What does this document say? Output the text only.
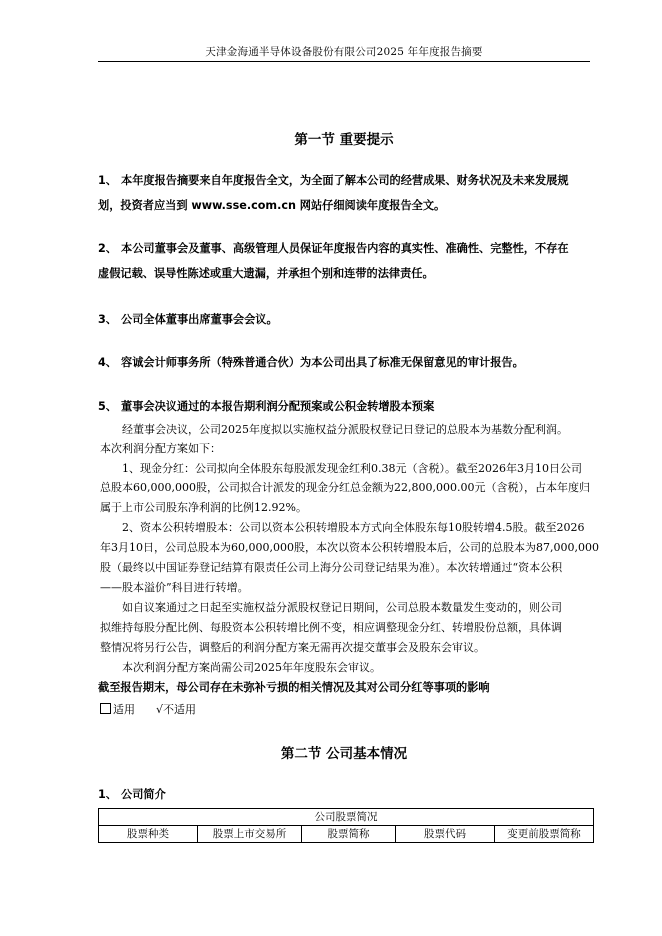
天津金海通半导体设备股份有限公司2025 年年度报告摘要
第一节 重要提示
1、 本年度报告摘要来自年度报告全文，为全面了解本公司的经营成果、财务状况及未来发展规
划，投资者应当到 www.sse.com.cn 网站仔细阅读年度报告全文。
2、 本公司董事会及董事、高级管理人员保证年度报告内容的真实性、准确性、完整性，不存在
虚假记载、误导性陈述或重大遗漏，并承担个别和连带的法律责任。
3、 公司全体董事出席董事会会议。
4、 容诚会计师事务所（特殊普通合伙）为本公司出具了标准无保留意见的审计报告。
5、 董事会决议通过的本报告期利润分配预案或公积金转增股本预案
经董事会决议，公司2025年度拟以实施权益分派股权登记日登记的总股本为基数分配利润。
本次利润分配方案如下：
1、现金分红：公司拟向全体股东每股派发现金红利0.38元（含税）。截至2026年3月10日公司
总股本60,000,000股，公司拟合计派发的现金分红总金额为22,800,000.00元（含税），占本年度归
属于上市公司股东净利润的比例12.92%。
2、资本公积转增股本：公司以资本公积转增股本方式向全体股东每10股转增4.5股。截至2026
年3月10日，公司总股本为60,000,000股，本次以资本公积转增股本后，公司的总股本为87,000,000
股（最终以中国证券登记结算有限责任公司上海分公司登记结果为准）。本次转增通过“资本公积
——股本溢价”科目进行转增。
如自议案通过之日起至实施权益分派股权登记日期间，公司总股本数量发生变动的，则公司
拟维持每股分配比例、每股资本公积转增比例不变，相应调整现金分红、转增股份总额，具体调
整情况将另行公告，调整后的利润分配方案无需再次提交董事会及股东会审议。
本次利润分配方案尚需公司2025年年度股东会审议。
截至报告期末，母公司存在未弥补亏损的相关情况及其对公司分红等事项的影响
适用 √不适用
第二节 公司基本情况
1、 公司简介
公司股票简况
股票种类	股票上市交易所	股票简称	股票代码	变更前股票简称
